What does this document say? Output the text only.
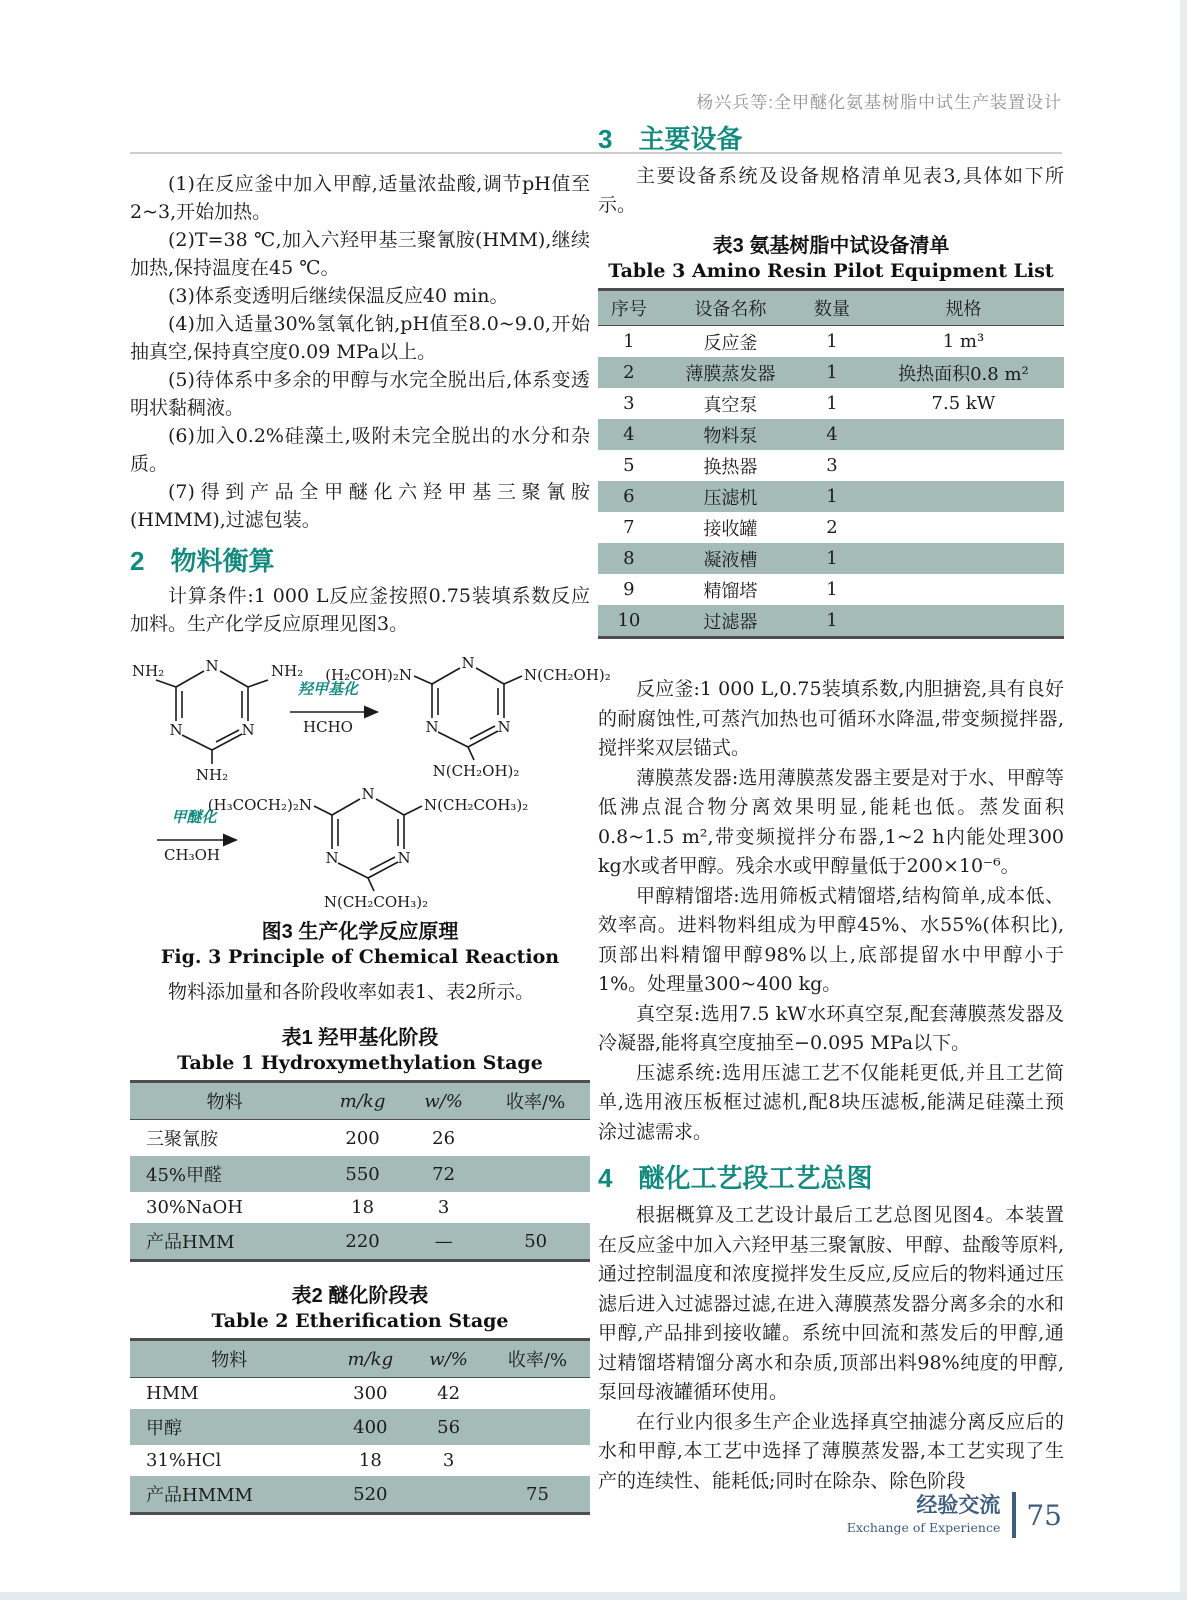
杨兴兵等:全甲醚化氨基树脂中试生产装置设计

(1)在反应釜中加入甲醇,适量浓盐酸,调节pH值至2~3,开始加热。

(2)T=38 ℃,加入六羟甲基三聚氰胺(HMM),继续加热,保持温度在45 ℃。

(3)体系变透明后继续保温反应40 min。

(4)加入适量30%氢氧化钠,pH值至8.0~9.0,开始抽真空,保持真空度0.09 MPa以上。

(5)待体系中多余的甲醇与水完全脱出后,体系变透明状黏稠液。

(6)加入0.2%硅藻土,吸附未完全脱出的水分和杂质。

(7)得到产品全甲醚化六羟甲基三聚氰胺(HMMM),过滤包装。

2 物料衡算

计算条件:1 000 L反应釜按照0.75装填系数反应加料。生产化学反应原理见图3。

N
N	N
N
N	N
N
N	N
NH₂	NH₂
NH₂
羟甲基化
HCHO
(H₂COH)₂N	N(CH₂OH)₂
N(CH₂OH)₂
甲醚化
CH₃OH
(H₃COCH₂)₂N	N(CH₂COH₃)₂
N(CH₂COH₃)₂
图3 生产化学反应原理
Fig. 3 Principle of Chemical Reaction

物料添加量和各阶段收率如表1、表2所示。

表1 羟甲基化阶段
Table 1 Hydroxymethylation Stage
物料	m/kg	w/%	收率/%
三聚氰胺	200	26	
45%甲醛	550	72	
30%NaOH	18	3	
产品HMM	220	—	50
表2 醚化阶段表
Table 2 Etherification Stage
物料	m/kg	w/%	收率/%
HMM	300	42	
甲醇	400	56	
31%HCl	18	3	
产品HMMM	520		75
3 主要设备

主要设备系统及设备规格清单见表3,具体如下所示。

表3 氨基树脂中试设备清单
Table 3 Amino Resin Pilot Equipment List
序号	设备名称	数量	规格
1	反应釜	1	1 m³
2	薄膜蒸发器	1	换热面积0.8 m²
3	真空泵	1	7.5 kW
4	物料泵	4	
5	换热器	3	
6	压滤机	1	
7	接收罐	2	
8	凝液槽	1	
9	精馏塔	1	
10	过滤器	1	

反应釜:1 000 L,0.75装填系数,内胆搪瓷,具有良好的耐腐蚀性,可蒸汽加热也可循环水降温,带变频搅拌器,搅拌桨双层锚式。

薄膜蒸发器:选用薄膜蒸发器主要是对于水、甲醇等低沸点混合物分离效果明显,能耗也低。蒸发面积0.8~1.5 m²,带变频搅拌分布器,1~2 h内能处理300 kg水或者甲醇。残余水或甲醇量低于200×10⁻⁶。

甲醇精馏塔:选用筛板式精馏塔,结构简单,成本低、效率高。进料物料组成为甲醇45%、水55%(体积比),顶部出料精馏甲醇98%以上,底部提留水中甲醇小于1%。处理量300~400 kg。

真空泵:选用7.5 kW水环真空泵,配套薄膜蒸发器及冷凝器,能将真空度抽至−0.095 MPa以下。

压滤系统:选用压滤工艺不仅能耗更低,并且工艺简单,选用液压板框过滤机,配8块压滤板,能满足硅藻土预涂过滤需求。

4 醚化工艺段工艺总图

根据概算及工艺设计最后工艺总图见图4。本装置在反应釜中加入六羟甲基三聚氰胺、甲醇、盐酸等原料,通过控制温度和浓度搅拌发生反应,反应后的物料通过压滤后进入过滤器过滤,在进入薄膜蒸发器分离多余的水和甲醇,产品排到接收罐。系统中回流和蒸发后的甲醇,通过精馏塔精馏分离水和杂质,顶部出料98%纯度的甲醇,泵回母液罐循环使用。

在行业内很多生产企业选择真空抽滤分离反应后的水和甲醇,本工艺中选择了薄膜蒸发器,本工艺实现了生产的连续性、能耗低;同时在除杂、除色阶段

经验交流
Exchange of Experience 75
